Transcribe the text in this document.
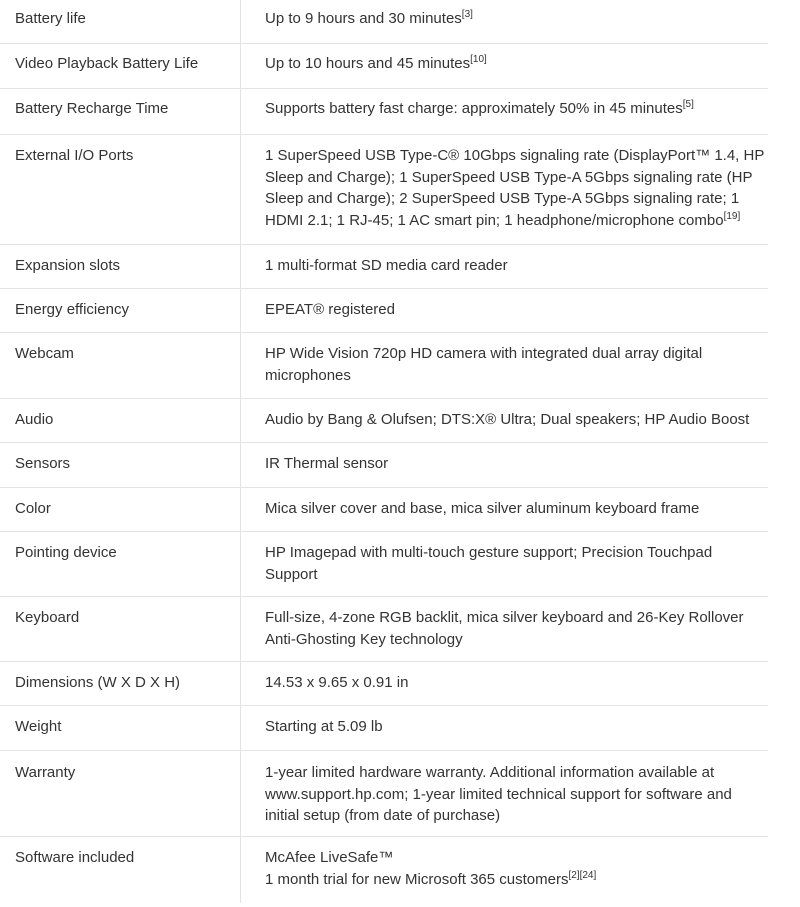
Battery life	Up to 9 hours and 30 minutes[3]
Video Playback Battery Life	Up to 10 hours and 45 minutes[10]
Battery Recharge Time	Supports battery fast charge: approximately 50% in 45 minutes[5]
External I/O Ports	1 SuperSpeed USB Type-C® 10Gbps signaling rate (DisplayPort™ 1.4, HP Sleep and Charge); 1 SuperSpeed USB Type-A 5Gbps signaling rate (HP Sleep and Charge); 2 SuperSpeed USB Type-A 5Gbps signaling rate; 1 HDMI 2.1; 1 RJ-45; 1 AC smart pin; 1 headphone/microphone combo[19]
Expansion slots	1 multi-format SD media card reader
Energy efficiency	EPEAT® registered
Webcam	HP Wide Vision 720p HD camera with integrated dual array digital microphones
Audio	Audio by Bang & Olufsen; DTS:X® Ultra; Dual speakers; HP Audio Boost
Sensors	IR Thermal sensor
Color	Mica silver cover and base, mica silver aluminum keyboard frame
Pointing device	HP Imagepad with multi-touch gesture support; Precision Touchpad Support
Keyboard	Full-size, 4-zone RGB backlit, mica silver keyboard and 26-Key Rollover Anti-Ghosting Key technology
Dimensions (W X D X H)	14.53 x 9.65 x 0.91 in
Weight	Starting at 5.09 lb
Warranty	1-year limited hardware warranty. Additional information available at www.support.hp.com; 1-year limited technical support for software and initial setup (from date of purchase)
Software included	McAfee LiveSafe™
1 month trial for new Microsoft 365 customers[2][24]
